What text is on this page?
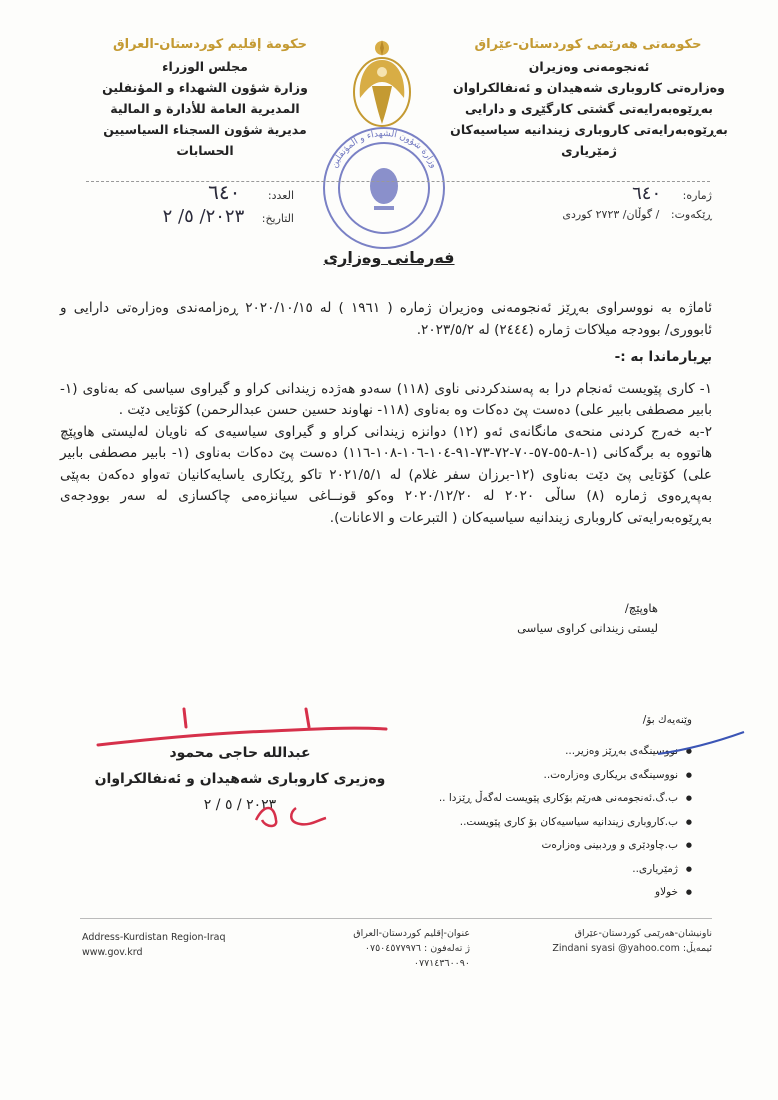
حکومەتی هەرێمی کوردستان-عێراق
ئەنجومەنی وەزیران
وەزارەتی کاروباری شەهیدان و ئەنفالکراوان
بەڕێوەبەرایەتی گشتی کارگێڕی و دارایی
بەڕێوەبەرایەتی کاروباری زیندانیە سیاسیەکان
ژمێریاری
حکومة إقليم كوردستان-العراق
مجلس الوزراء
وزارة شؤون الشهداء و المؤنفلين
المديرية العامة للأدارة و المالية
مديرية شؤون السجناء السياسيين
الحسابات
وزارة شؤون الشهداء و المؤنفلين
ژمارە: ٦٤٠
ڕێکەوت: / گوڵان/ ٢٧٢٣ کوردی
العدد: ٦٤٠
التاريخ: ٢٠٢٣/ ٥/ ٢
فەرمانی وەزاری

ئاماژە بە نووسراوی بەڕێز ئەنجومەنی وەزیران ژمارە ( ١٩٦١ ) لە ٢٠٢٠/١٠/١٥ ڕەزامەندی وەزارەتی دارایی و ئابووری/ بوودجە میلاکات ژمارە (٢٤٤٤) لە ٢٠٢٣/٥/٢.

بڕیارماندا بە :-

١- کاری پێویست ئەنجام درا بە پەسندکردنی ناوی (١١٨) سەدو هەژدە زیندانی کراو و گیراوی سیاسی کە بەناوی (١- بابیر مصطفی بابیر علی) دەست پێ دەکات وە بەناوی (١١٨- نهاوند حسین حسن عبدالرحمن) کۆتایی دێت .

٢-بە خەرج کردنی منحەی مانگانەی ئەو (١٢) دوانزە زیندانی کراو و گیراوی سیاسیەی کە ناویان لەلیستی هاوپێچ هاتووە بە برگەکانی (١-٨-٥٥-٥٧-٧٠-٧٢-٧٣-٩١-١٠٤-١٠٦-١٠٨-١١٦) دەست پێ دەکات بەناوی (١- بابیر مصطفی بابیر علی) کۆتایی پێ دێت بەناوی (١٢-برزان سفر غلام) لە ٢٠٢١/٥/١ تاکو ڕێکاری یاسایەکانیان تەواو دەکەن بەپێی بەپەڕەوی ژمارە (٨) ساڵی ٢٠٢٠ لە ٢٠٢٠/١٢/٢٠ وەکو قونــاغی سیانزەمی چاکسازی لە سەر بوودجەی بەڕێوەبەرایەتی کاروباری زیندانیە سیاسیەکان ( التبرعات و الاعانات).

هاوپێچ/
لیستی زیندانی کراوی سیاسی
عبدالله حاجی محمود
وەزیری کاروباری شەهیدان و ئەنفالکراوان
٢٠٢٣ / ٥ / ٢
وێنەیەك بۆ/
● نووسینگەی بەڕێز وەزیر...
● نووسینگەی بریکاری وەزارەت..
● ب.گ.ئەنجومەنی هەرێم بۆکاری پێویست لەگەڵ ڕێزدا ..
● ب.کاروباری زیندانیە سیاسیەکان بۆ کاری پێویست..
● ب.چاودێری و وردبینی وەزارەت
● ژمێریاری..
● خولاو
Address-Kurdistan Region-Iraq
www.gov.krd
عنوان-إقليم كوردستان-العراق
ژ تەلەفون : ٠٧٥٠٤٥٧٧٩٧٦
٠٧٧١٤٣٦٠٠٩٠
ناونیشان-هەرێمی کوردستان-عێراق
ئیمەیڵ: Zindani syasi @yahoo.com
